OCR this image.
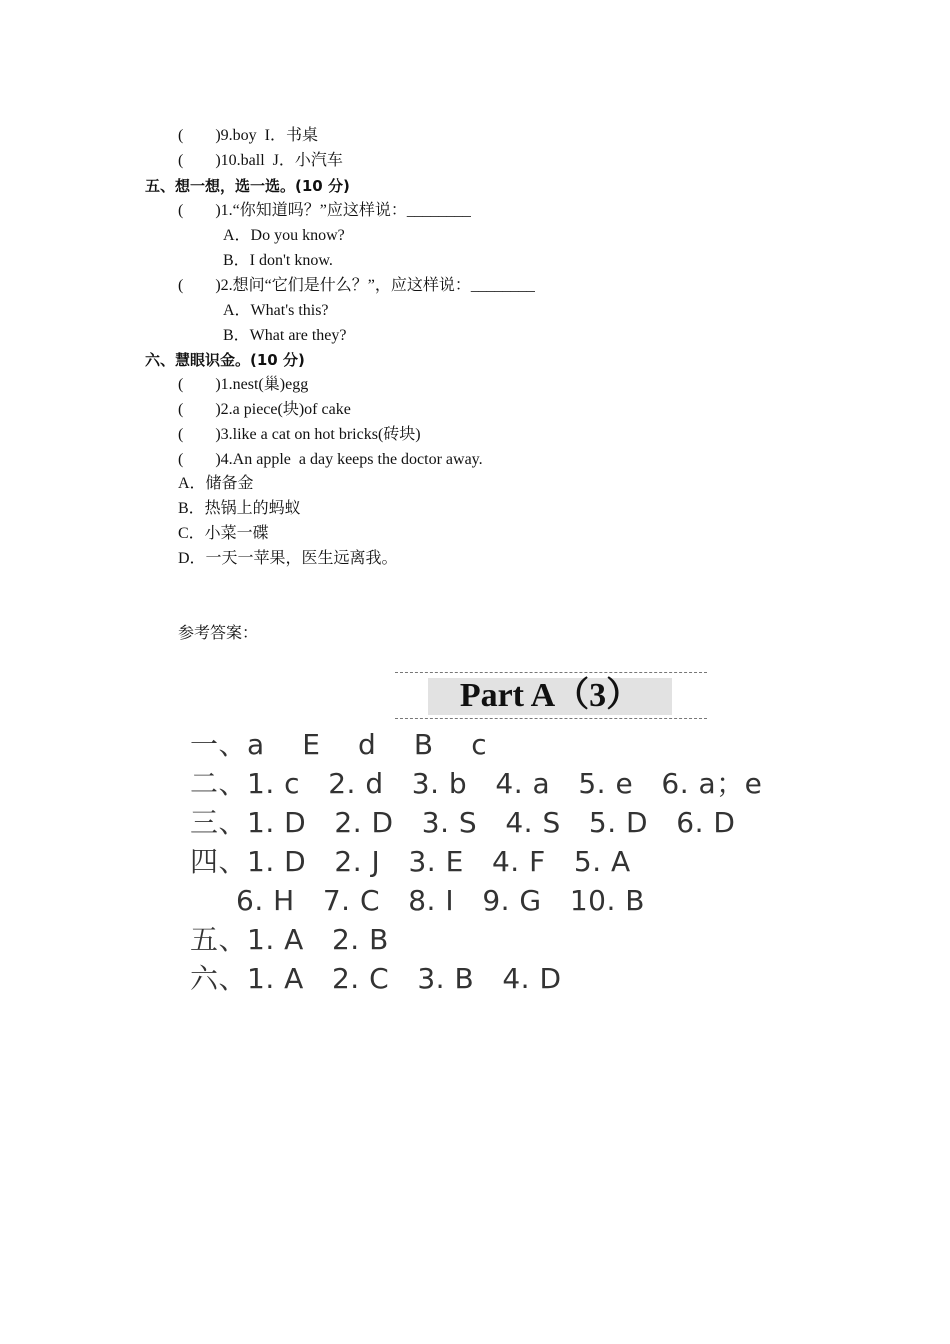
(        )9.boy  I．书桌
(        )10.ball  J．小汽车
五、想一想，选一选。(10 分)
(        )1.“你知道吗？”应这样说：________
A．Do you know?
B．I don't know.
(        )2.想问“它们是什么？”，应这样说：________
A．What's this?
B．What are they?
六、慧眼识金。(10 分)
(        )1.nest(巢)egg
(        )2.a piece(块)of cake
(        )3.like a cat on hot bricks(砖块)
(        )4.An apple  a day keeps the doctor away.
A．储备金
B．热锅上的蚂蚁
C．小菜一碟
D．一天一苹果，医生远离我。
参考答案：
Part A（3）
一、a    E    d    B    c
二、1. c   2. d   3. b   4. a   5. e   6. a；e
三、1. D   2. D   3. S   4. S   5. D   6. D
四、1. D   2. J   3. E   4. F   5. A
6. H   7. C   8. I   9. G   10. B
五、1. A   2. B
六、1. A   2. C   3. B   4. D
